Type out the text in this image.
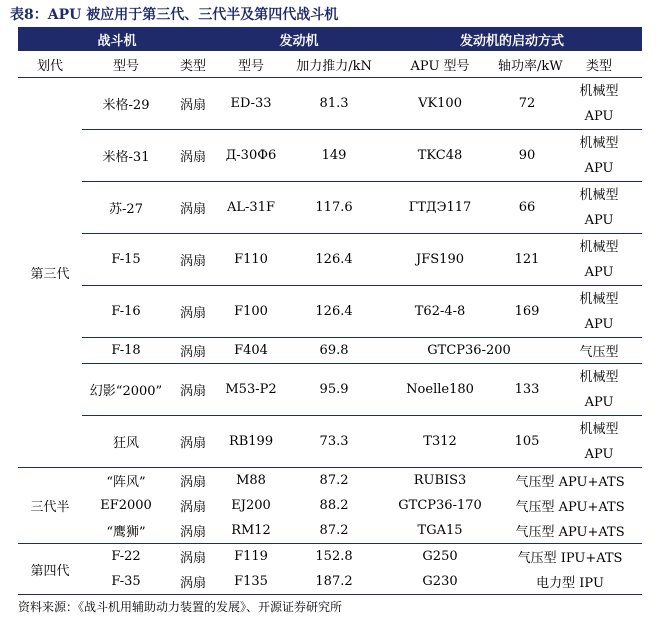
表8：APU 被应用于第三代、三代半及第四代战斗机
战斗机			发动机		发动机的启动方式		
划代	型号	类型	型号	加力推力/kN	APU 型号	轴功率/kW	类型
第三代	米格-29	涡扇	ED-33	81.3	VK100	72	机械型
APU
	米格-31	涡扇	Д-30Ф6	149	TKC48	90	机械型
APU
	苏-27	涡扇	AL-31F	117.6	ГТДЭ117	66	机械型
APU
	F-15	涡扇	F110	126.4	JFS190	121	机械型
APU
	F-16	涡扇	F100	126.4	T62-4-8	169	机械型
APU
	F-18	涡扇	F404	69.8	GTCP36-200		气压型
	幻影“2000”	涡扇	M53-P2	95.9	Noelle180	133	机械型
APU
	狂风	涡扇	RB199	73.3	T312	105	机械型
APU
三代半	“阵风”	涡扇	M88	87.2	RUBIS3	气压型 APU+ATS	
	EF2000	涡扇	EJ200	88.2	GTCP36-170	气压型 APU+ATS	
	“鹰狮”	涡扇	RM12	87.2	TGA15	气压型 APU+ATS	
第四代	F-22	涡扇	F119	152.8	G250	气压型 IPU+ATS	
	F-35	涡扇	F135	187.2	G230	电力型 IPU	
资料来源：《战斗机用辅助动力装置的发展》、开源证券研究所
